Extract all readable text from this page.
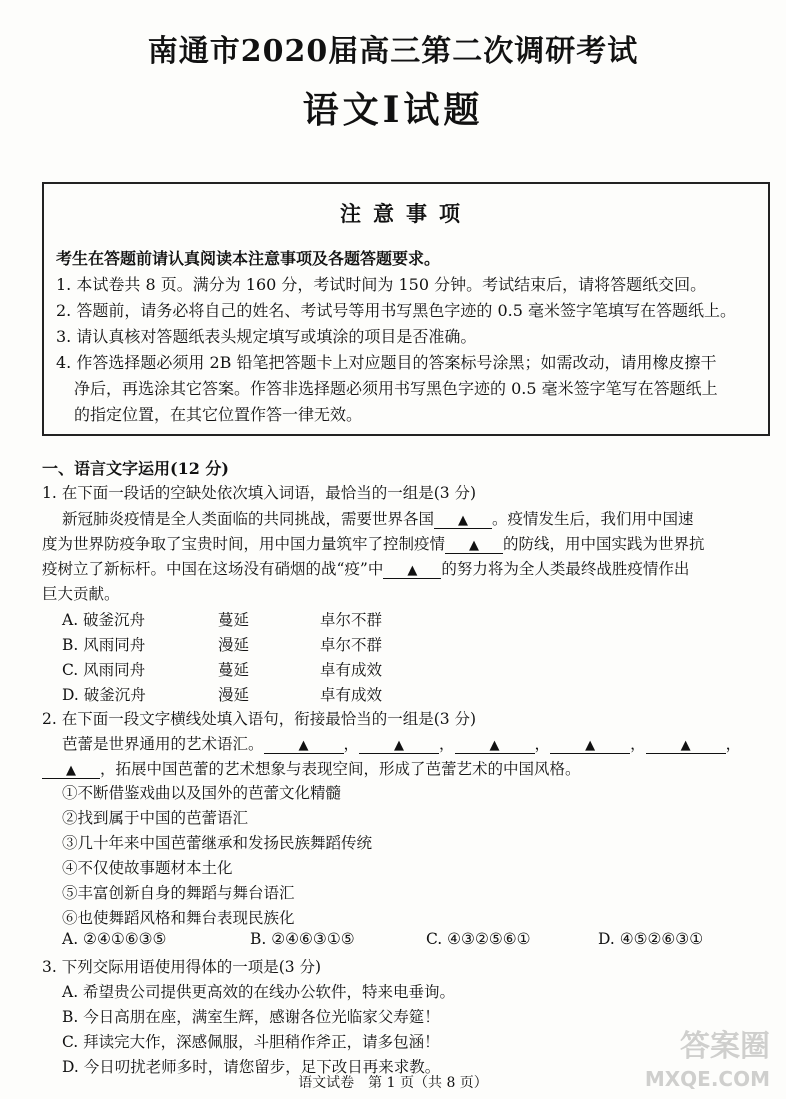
南通市2020届高三第二次调研考试
语文Ⅰ试题
注意事项
考生在答题前请认真阅读本注意事项及各题答题要求。
1. 本试卷共 8 页。满分为 160 分，考试时间为 150 分钟。考试结束后，请将答题纸交回。
2. 答题前，请务必将自己的姓名、考试号等用书写黑色字迹的 0.5 毫米签字笔填写在答题纸上。
3. 请认真核对答题纸表头规定填写或填涂的项目是否准确。
4. 作答选择题必须用 2B 铅笔把答题卡上对应题目的答案标号涂黑；如需改动，请用橡皮擦干
净后，再选涂其它答案。作答非选择题必须用书写黑色字迹的 0.5 毫米签字笔写在答题纸上
的指定位置，在其它位置作答一律无效。
一、语言文字运用(12 分)
1. 在下面一段话的空缺处依次填入词语，最恰当的一组是(3 分)
新冠肺炎疫情是全人类面临的共同挑战，需要世界各国 ▲ 。疫情发生后，我们用中国速
度为世界防疫争取了宝贵时间，用中国力量筑牢了控制疫情 ▲ 的防线，用中国实践为世界抗
疫树立了新标杆。中国在这场没有硝烟的战“疫”中 ▲ 的努力将为全人类最终战胜疫情作出
巨大贡献。
A. 破釜沉舟	蔓延	卓尔不群
B. 风雨同舟	漫延	卓尔不群
C. 风雨同舟	蔓延	卓有成效
D. 破釜沉舟	漫延	卓有成效
2. 在下面一段文字横线处填入语句，衔接最恰当的一组是(3 分)
芭蕾是世界通用的艺术语汇。	▲ ，	▲ ，	▲ ，	▲ ，	▲ ，
▲ ，拓展中国芭蕾的艺术想象与表现空间，形成了芭蕾艺术的中国风格。
①不断借鉴戏曲以及国外的芭蕾文化精髓
②找到属于中国的芭蕾语汇
③几十年来中国芭蕾继承和发扬民族舞蹈传统
④不仅使故事题材本土化
⑤丰富创新自身的舞蹈与舞台语汇
⑥也使舞蹈风格和舞台表现民族化
A. ②④①⑥③⑤	B. ②④⑥③①⑤	C. ④③②⑤⑥①	D. ④⑤②⑥③①
3. 下列交际用语使用得体的一项是(3 分)
A. 希望贵公司提供更高效的在线办公软件，特来电垂询。
B. 今日高朋在座，满室生辉，感谢各位光临家父寿筵！
C. 拜读完大作，深感佩服，斗胆稍作斧正，请多包涵！
D. 今日叨扰老师多时，请您留步，足下改日再来求教。
语文试卷　第 1 页（共 8 页）
答案圈
MXQE.COM
